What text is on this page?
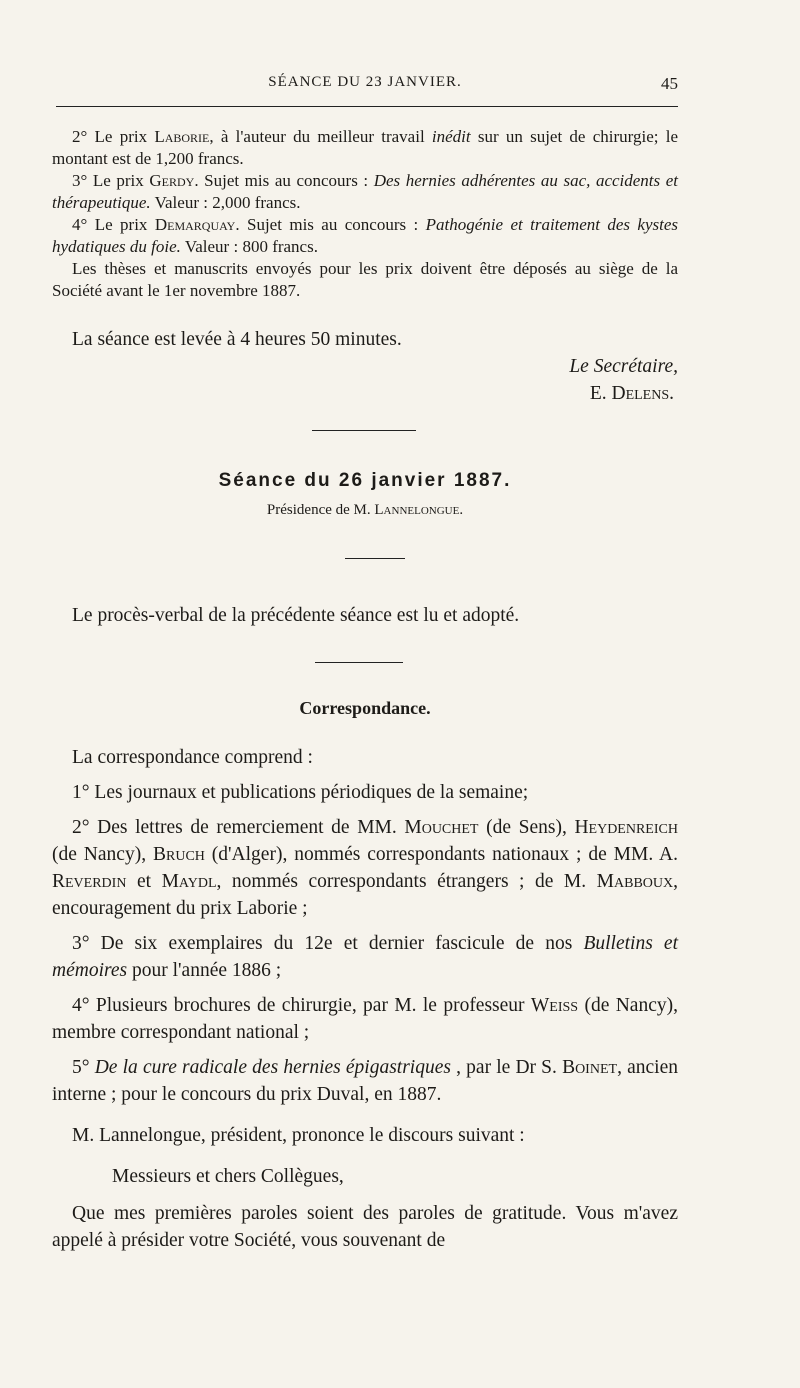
SÉANCE DU 2З JANVIER.	45

2° Le prix Laborie, à l'auteur du meilleur travail inédit sur un sujet de chirurgie; le montant est de 1,200 francs.

3° Le prix Gerdy. Sujet mis au concours : Des hernies adhérentes au sac, accidents et thérapeutique. Valeur : 2,000 francs.

4° Le prix Demarquay. Sujet mis au concours : Pathogénie et traitement des kystes hydatiques du foie. Valeur : 800 francs.

Les thèses et manuscrits envoyés pour les prix doivent être déposés au siège de la Société avant le 1er novembre 1887.

La séance est levée à 4 heures 50 minutes.

Le Secrétaire,
E. Delens.
Séance du 26 janvier 1887.
Présidence de M. Lannelongue.

Le procès-verbal de la précédente séance est lu et adopté.

Correspondance.

La correspondance comprend :

1° Les journaux et publications périodiques de la semaine;

2° Des lettres de remerciement de MM. Mouchet (de Sens), Heydenreich (de Nancy), Bruch (d'Alger), nommés correspondants nationaux ; de MM. A. Reverdin et Maydl, nommés correspondants étrangers ; de M. Mabboux, encouragement du prix Laborie ;

3° De six exemplaires du 12e et dernier fascicule de nos Bulletins et mémoires pour l'année 1886 ;

4° Plusieurs brochures de chirurgie, par M. le professeur Weiss (de Nancy), membre correspondant national ;

5° De la cure radicale des hernies épigastriques , par le Dr S. Boinet, ancien interne ; pour le concours du prix Duval, en 1887.

M. Lannelongue, président, prononce le discours suivant :

Messieurs et chers Collègues,

Que mes premières paroles soient des paroles de gratitude. Vous m'avez appelé à présider votre Société, vous souvenant de
